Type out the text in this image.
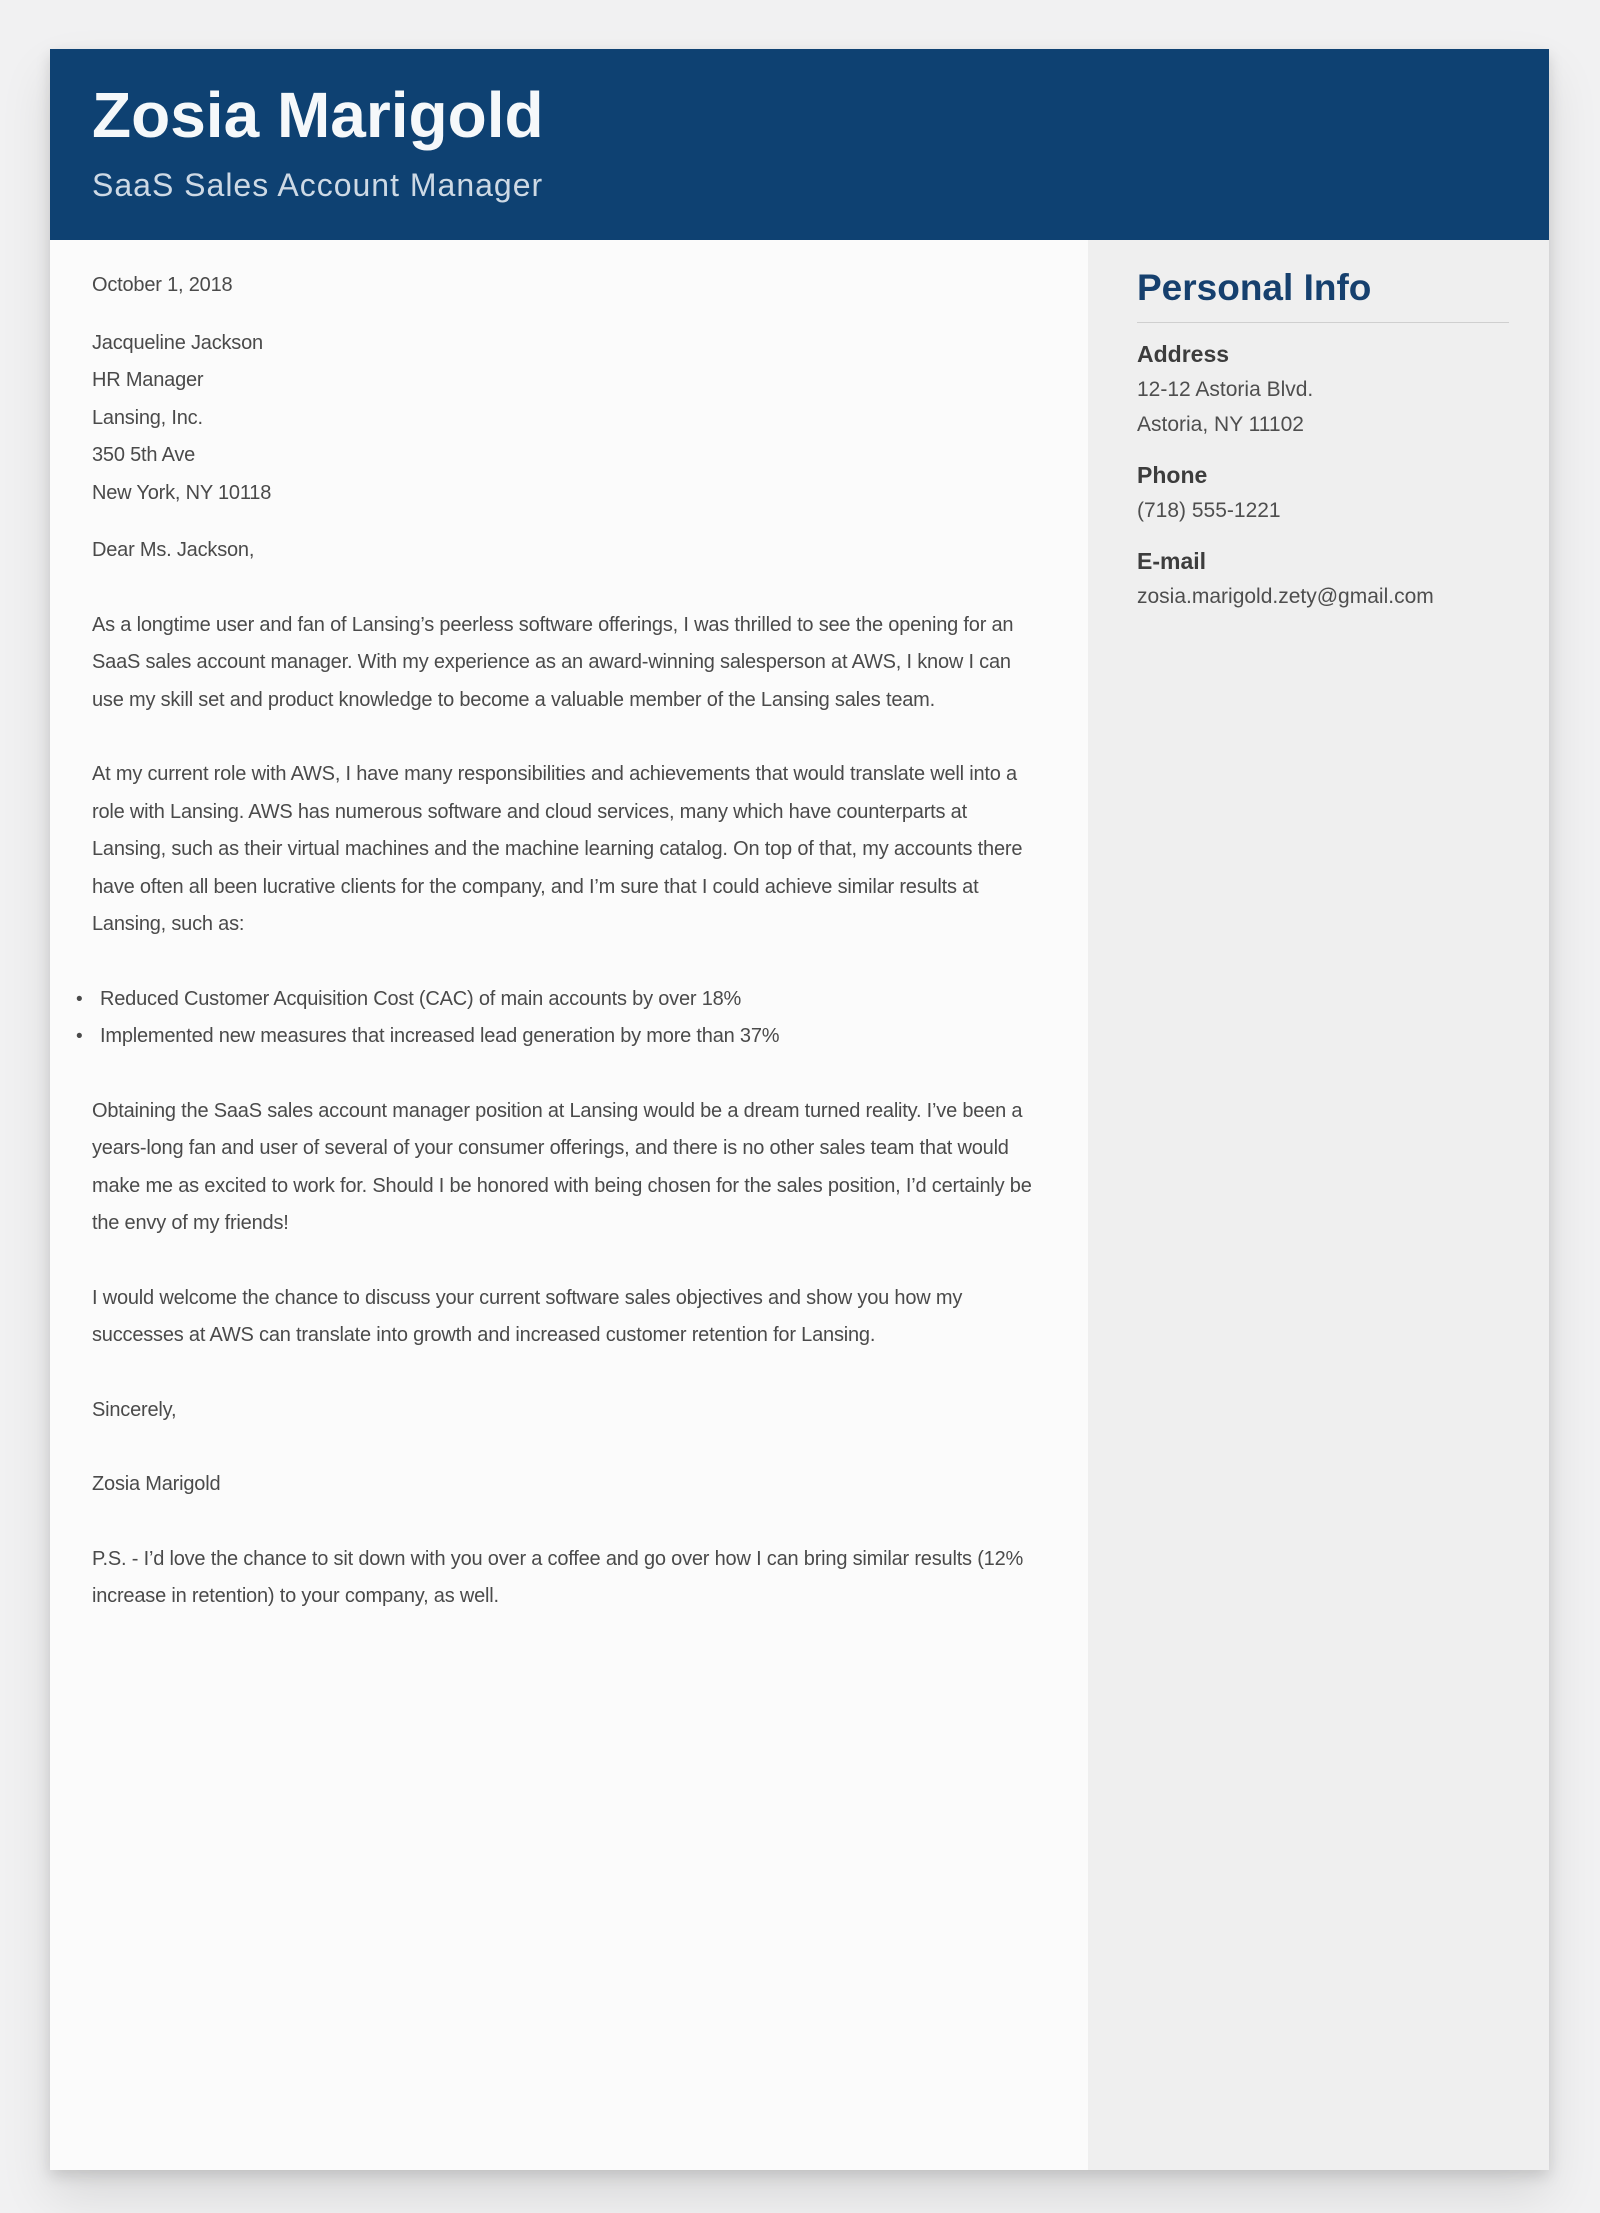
Zosia Marigold
SaaS Sales Account Manager
October 1, 2018
Jacqueline Jackson
HR Manager
Lansing, Inc.
350 5th Ave
New York, NY 10118
Dear Ms. Jackson,

As a longtime user and fan of Lansing’s peerless software offerings, I was thrilled to see the opening for an SaaS sales account manager. With my experience as an award-winning salesperson at AWS, I know I can use my skill set and product knowledge to become a valuable member of the Lansing sales team.

At my current role with AWS, I have many responsibilities and achievements that would translate well into a role with Lansing. AWS has numerous software and cloud services, many which have counterparts at Lansing, such as their virtual machines and the machine learning catalog. On top of that, my accounts there have often all been lucrative clients for the company, and I’m sure that I could achieve similar results at Lansing, such as:

• Reduced Customer Acquisition Cost (CAC) of main accounts by over 18%
• Implemented new measures that increased lead generation by more than 37%

Obtaining the SaaS sales account manager position at Lansing would be a dream turned reality. I’ve been a years-long fan and user of several of your consumer offerings, and there is no other sales team that would make me as excited to work for. Should I be honored with being chosen for the sales position, I’d certainly be the envy of my friends!

I would welcome the chance to discuss your current software sales objectives and show you how my successes at AWS can translate into growth and increased customer retention for Lansing.

Sincerely,
Zosia Marigold

P.S. - I’d love the chance to sit down with you over a coffee and go over how I can bring similar results (12% increase in retention) to your company, as well.

Personal Info
Address
12-12 Astoria Blvd.
Astoria, NY 11102
Phone
(718) 555-1221
E-mail
zosia.marigold.zety@gmail.com
